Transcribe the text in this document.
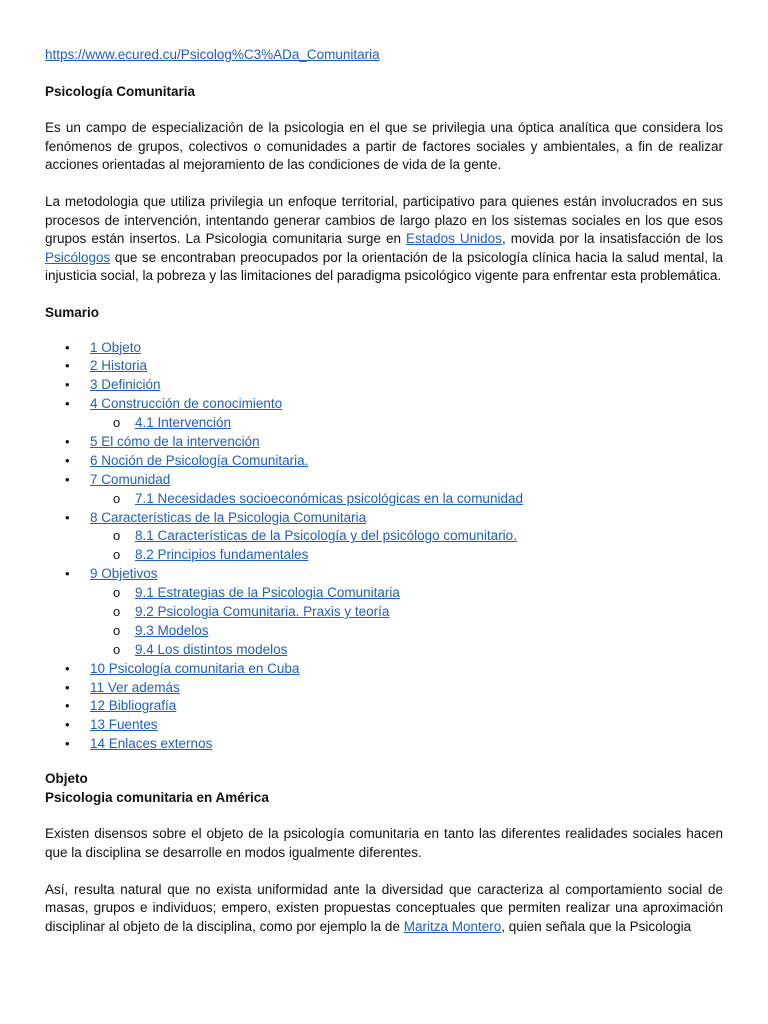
https://www.ecured.cu/Psicolog%C3%ADa_Comunitaria
Psicología Comunitaria

Es un campo de especialización de la psicologia en el que se privilegia una óptica analítica que considera los fenómenos de grupos, colectivos o comunidades a partir de factores sociales y ambientales, a fin de realizar acciones orientadas al mejoramiento de las condiciones de vida de la gente.

La metodologia que utiliza privilegia un enfoque territorial, participativo para quienes están involucrados en sus procesos de intervención, intentando generar cambios de largo plazo en los sistemas sociales en los que esos grupos están insertos. La Psicologia comunitaria surge en Estados Unidos, movida por la insatisfacción de los Psicólogos que se encontraban preocupados por la orientación de la psicología clínica hacia la salud mental, la injusticia social, la pobreza y las limitaciones del paradigma psicológico vigente para enfrentar esta problemática.

Sumario
• 1 Objeto
• 2 Historia
• 3 Definición
• 4 Construcción de conocimiento
o 4.1 Intervención
• 5 El cómo de la intervención
• 6 Noción de Psicología Comunitaria.
• 7 Comunidad
o 7.1 Necesidades socioeconómicas psicológicas en la comunidad
• 8 Características de la Psicologia Comunitaria
o 8.1 Características de la Psicología y del psicólogo comunitario.
o 8.2 Principios fundamentales
• 9 Objetivos
o 9.1 Estrategias de la Psicologia Comunitaria
o 9.2 Psicologia Comunitaria. Praxis y teoría
o 9.3 Modelos
o 9.4 Los distintos modelos
• 10 Psicología comunitaria en Cuba
• 11 Ver además
• 12 Bibliografía
• 13 Fuentes
• 14 Enlaces externos
Objeto
Psicologia comunitaria en América

Existen disensos sobre el objeto de la psicología comunitaria en tanto las diferentes realidades sociales hacen que la disciplina se desarrolle en modos igualmente diferentes.

Así, resulta natural que no exista uniformidad ante la diversidad que caracteriza al comportamiento social de masas, grupos e individuos; empero, existen propuestas conceptuales que permiten realizar una aproximación disciplinar al objeto de la disciplina, como por ejemplo la de Maritza Montero, quien señala que la Psicologia
